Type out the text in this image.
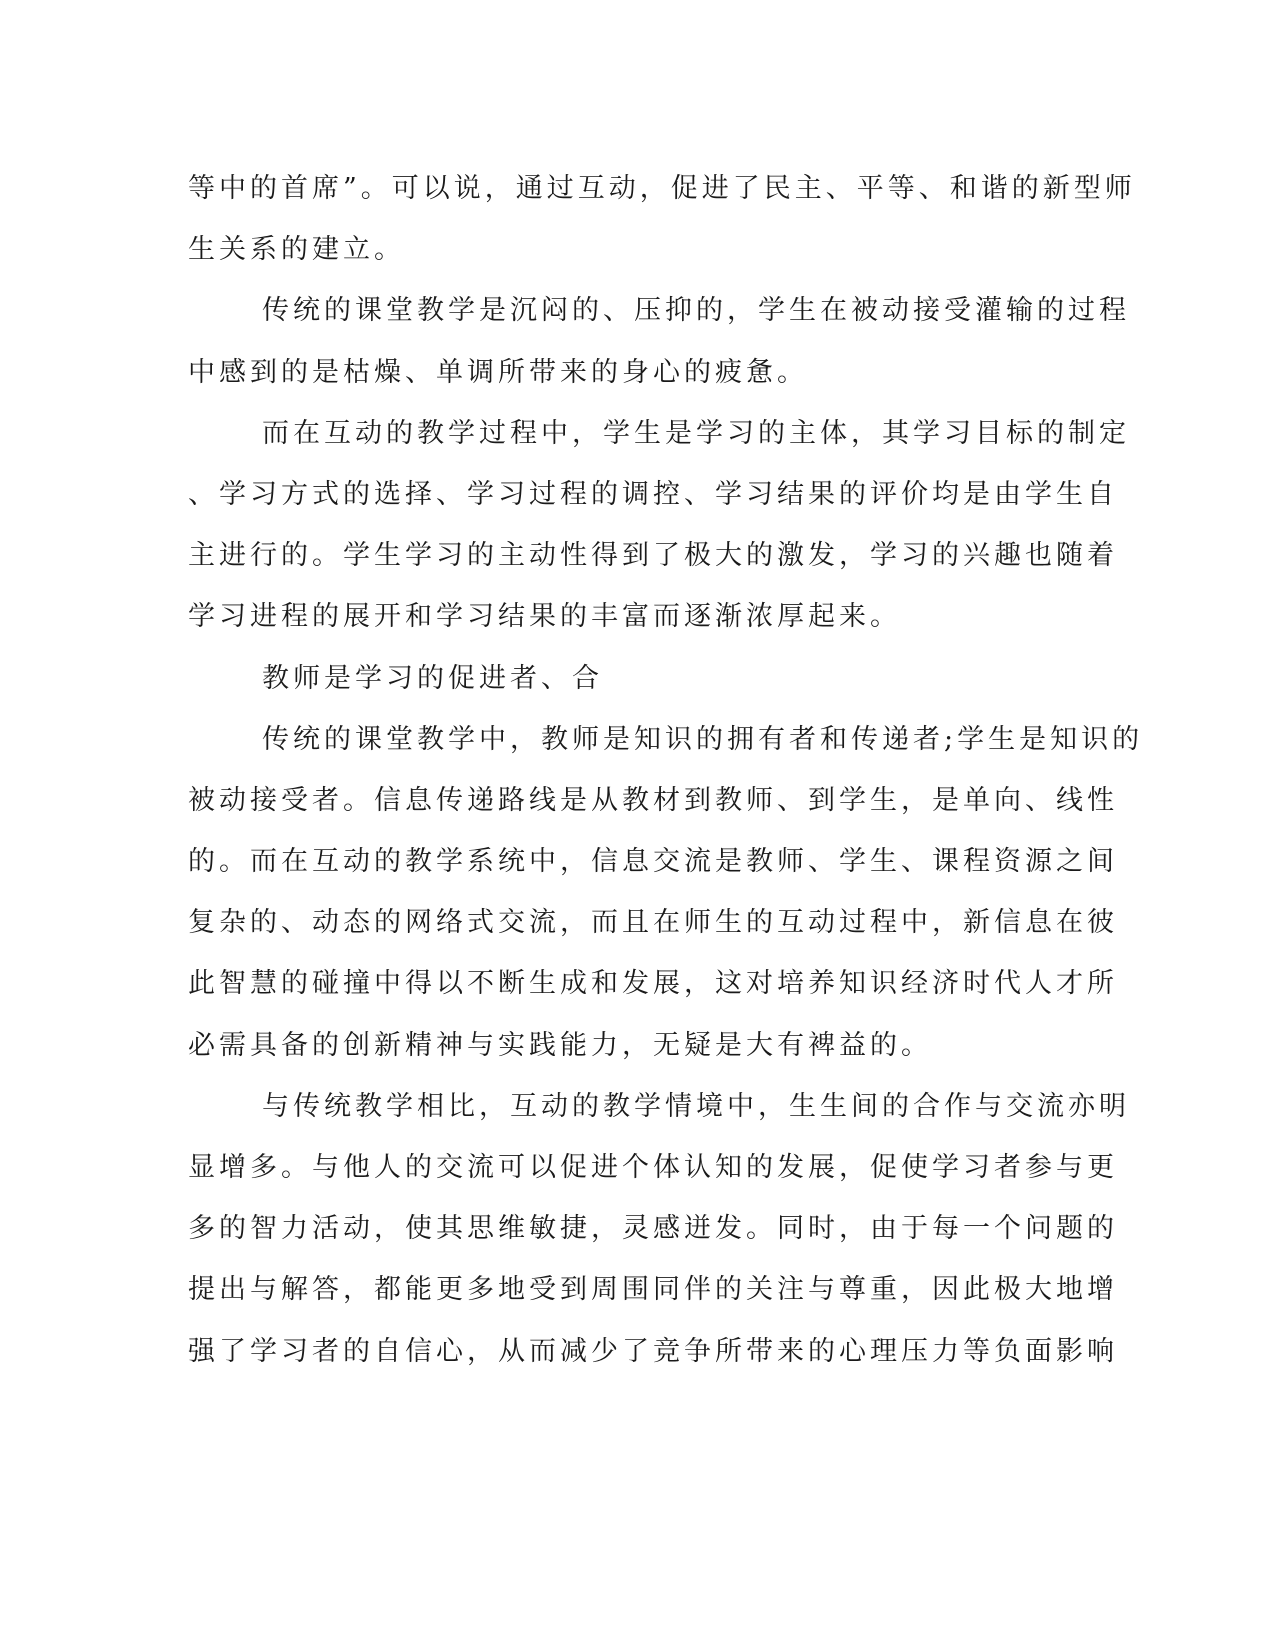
等中的首席”。可以说，通过互动，促进了民主、平等、和谐的新型师
生关系的建立。
传统的课堂教学是沉闷的、压抑的，学生在被动接受灌输的过程
中感到的是枯燥、单调所带来的身心的疲惫。
而在互动的教学过程中，学生是学习的主体，其学习目标的制定
、学习方式的选择、学习过程的调控、学习结果的评价均是由学生自
主进行的。学生学习的主动性得到了极大的激发，学习的兴趣也随着
学习进程的展开和学习结果的丰富而逐渐浓厚起来。
教师是学习的促进者、合
传统的课堂教学中，教师是知识的拥有者和传递者;学生是知识的
被动接受者。信息传递路线是从教材到教师、到学生，是单向、线性
的。而在互动的教学系统中，信息交流是教师、学生、课程资源之间
复杂的、动态的网络式交流，而且在师生的互动过程中，新信息在彼
此智慧的碰撞中得以不断生成和发展，这对培养知识经济时代人才所
必需具备的创新精神与实践能力，无疑是大有裨益的。
与传统教学相比，互动的教学情境中，生生间的合作与交流亦明
显增多。与他人的交流可以促进个体认知的发展，促使学习者参与更
多的智力活动，使其思维敏捷，灵感迸发。同时，由于每一个问题的
提出与解答，都能更多地受到周围同伴的关注与尊重，因此极大地增
强了学习者的自信心，从而减少了竞争所带来的心理压力等负面影响
